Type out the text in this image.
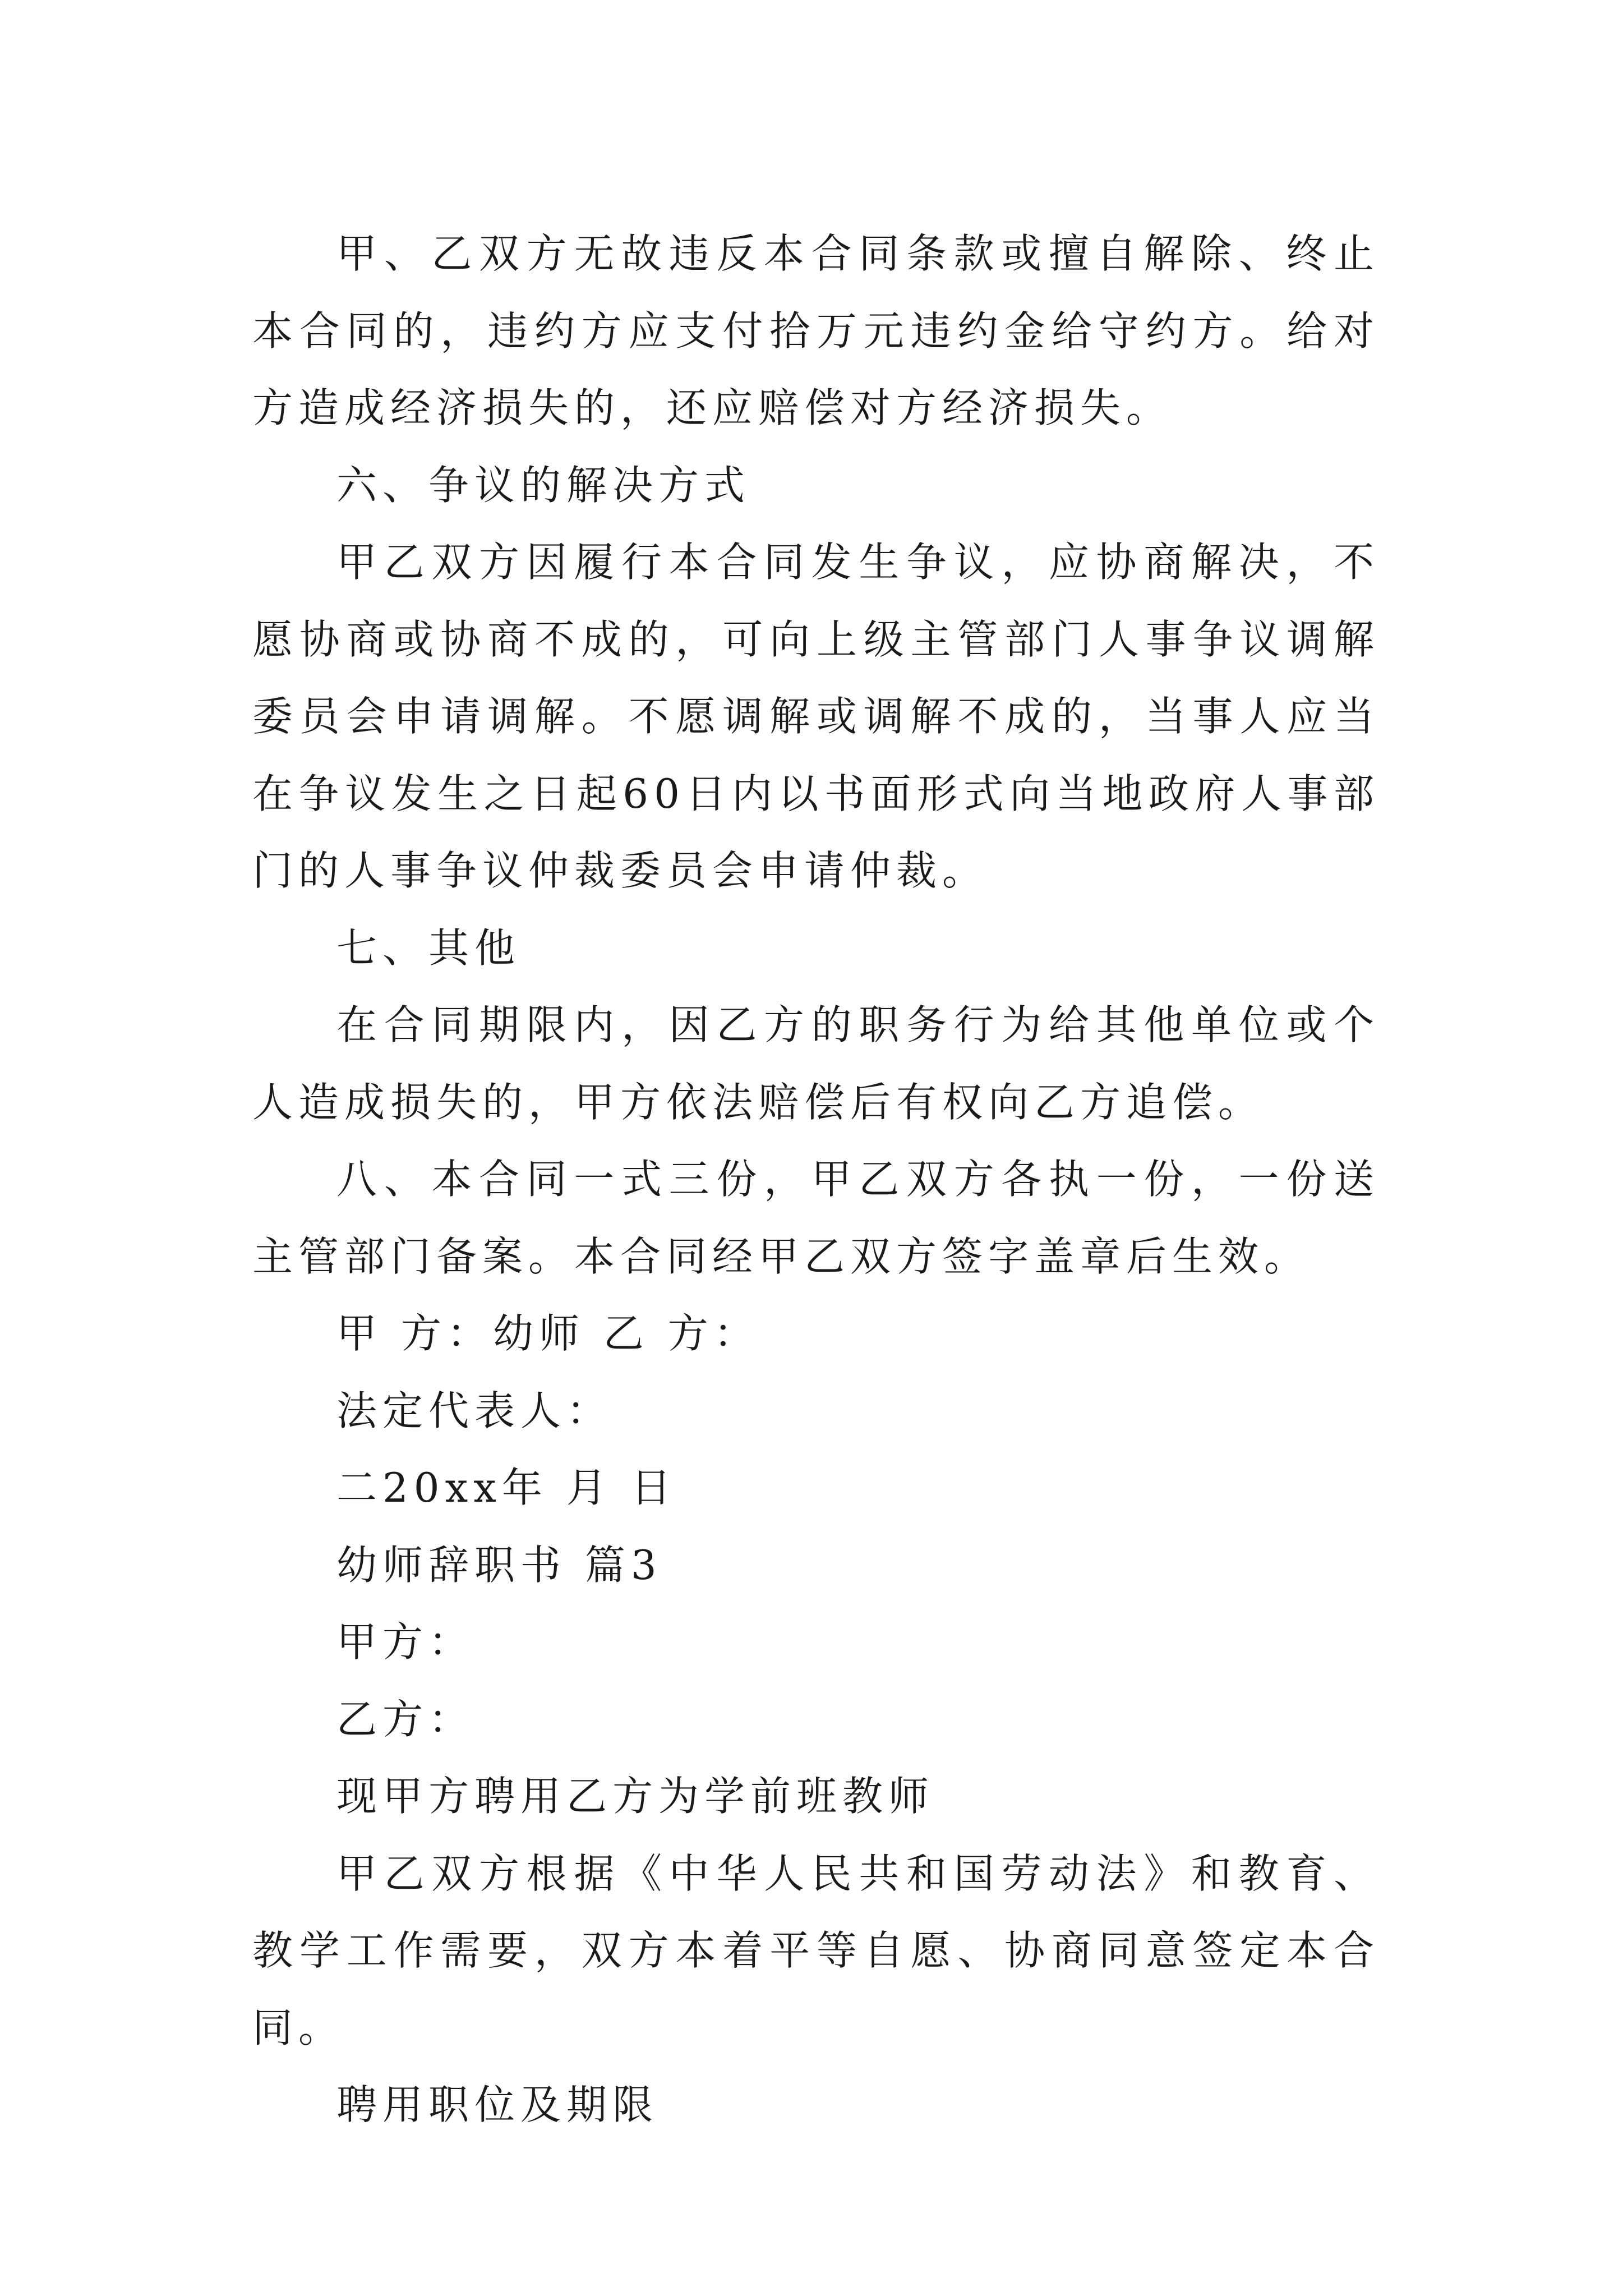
甲、乙双方无故违反本合同条款或擅自解除、终止本合同的，违约方应支付拾万元违约金给守约方。给对方造成经济损失的，还应赔偿对方经济损失。

六、争议的解决方式

甲乙双方因履行本合同发生争议，应协商解决，不愿协商或协商不成的，可向上级主管部门人事争议调解委员会申请调解。不愿调解或调解不成的，当事人应当在争议发生之日起60日内以书面形式向当地政府人事部门的人事争议仲裁委员会申请仲裁。

七、其他

在合同期限内，因乙方的职务行为给其他单位或个人造成损失的，甲方依法赔偿后有权向乙方追偿。

八、本合同一式三份，甲乙双方各执一份，一份送主管部门备案。本合同经甲乙双方签字盖章后生效。

甲 方：幼师 乙 方：

法定代表人：

二20xx年 月 日

幼师辞职书 篇3

甲方：

乙方：

现甲方聘用乙方为学前班教师

甲乙双方根据《中华人民共和国劳动法》和教育、教学工作需要，双方本着平等自愿、协商同意签定本合同。

聘用职位及期限
